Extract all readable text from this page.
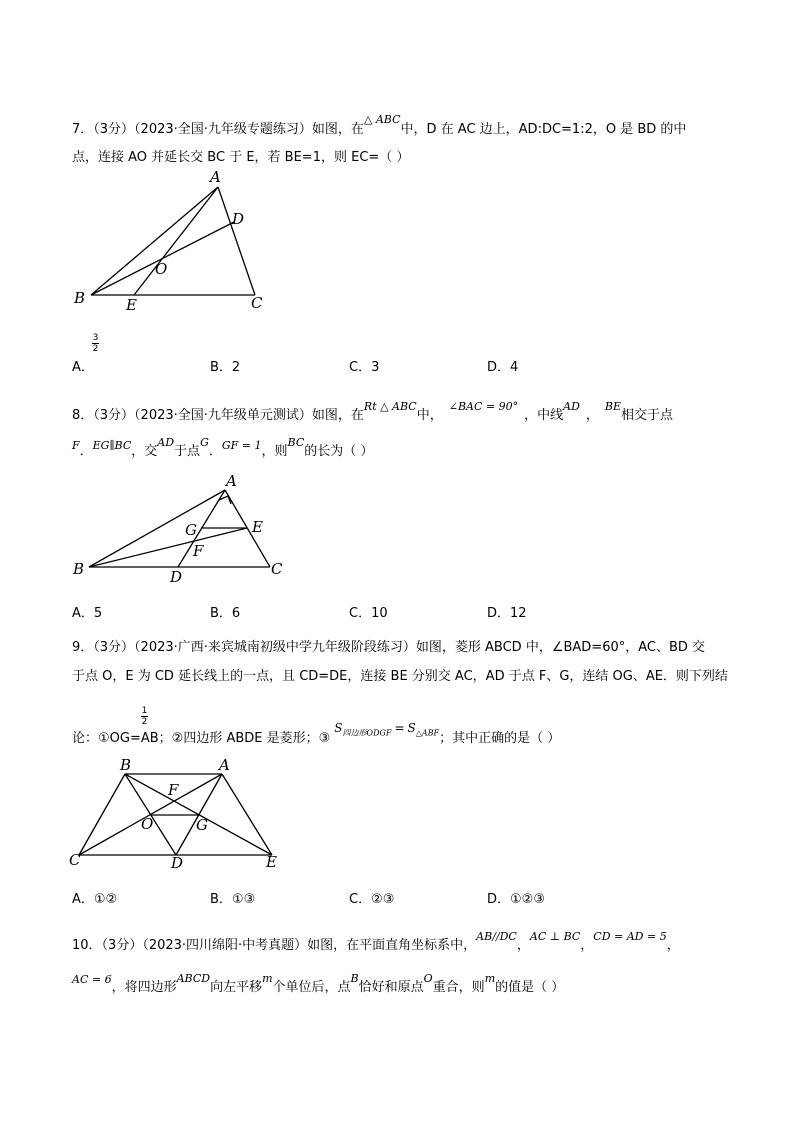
7．（3分）（2023·全国·九年级专题练习）如图，在$^{\triangle ABC}$中，D 在 AC 边上，AD:DC=1:2，O 是 BD 的中
点，连接 AO 并延长交 BC 于 E，若 BE=1，则 EC=（ ）
A
D
O
B	E	C
A．
3
2
B．2	C．3	D．4
8．（3分）（2023·全国·九年级单元测试）如图，在$^{Rt \triangle ABC}$中，$^{\angle BAC = 90^\circ}$，中线$^{AD}$，$^{BE}$相交于点
$^F$．$^{EG\parallel BC}$，交$^{AD}$于点$^G$．$^{GF = 1}$，则$^{BC}$的长为（ ）
A
G	E
F
B	D	C
A．5	B．6	C．10	D．12
9．（3分）（2023·广西·来宾城南初级中学九年级阶段练习）如图，菱形 ABCD 中，∠BAD=60°，AC、BD 交
于点 O，E 为 CD 延长线上的一点，且 CD=DE，连接 BE 分别交 AC，AD 于点 F、G，连结 OG、AE．则下列结
论：①OG=AB；②四边形 ABDE 是菱形；$③S_{四边形ODGF} = S_{\triangle ABF}$；其中正确的是（ ）
1
2
B	A
F
O	G
C	D	E
A．①②	B．①③	C．②③	D．①②③
10．（3分）（2023·四川绵阳·中考真题）如图，在平面直角坐标系中，$^{AB//DC}$，$^{AC \perp BC}$，$^{CD = AD = 5}$，
$^{AC = 6}$，将四边形$^{ABCD}$向左平移$^m$个单位后，点$^B$恰好和原点$^O$重合，则$^m$的值是（ ）
